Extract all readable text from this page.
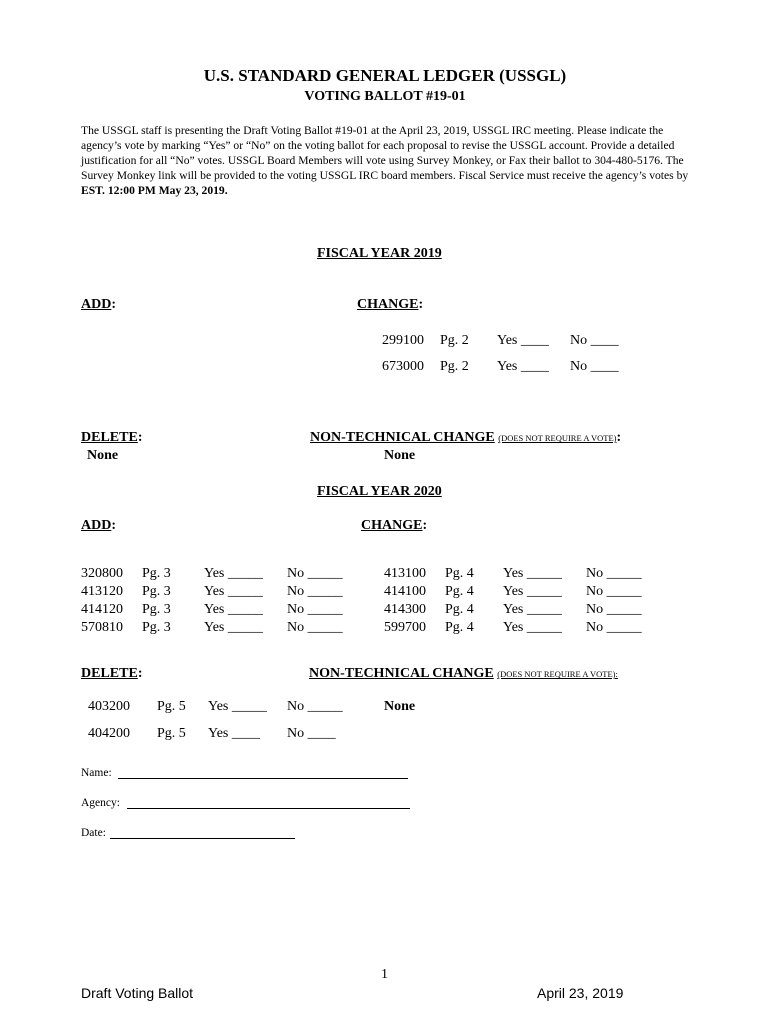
U.S. STANDARD GENERAL LEDGER (USSGL)
VOTING BALLOT #19-01
The USSGL staff is presenting the Draft Voting Ballot #19-01 at the April 23, 2019, USSGL IRC meeting. Please indicate the agency’s vote by marking “Yes” or “No” on the voting ballot for each proposal to revise the USSGL account. Provide a detailed justification for all “No” votes. USSGL Board Members will vote using Survey Monkey, or Fax their ballot to 304-480-5176. The Survey Monkey link will be provided to the voting USSGL IRC board members. Fiscal Service must receive the agency’s votes by EST. 12:00 PM May 23, 2019.
FISCAL YEAR 2019
ADD:	CHANGE:
299100 Pg. 2 Yes ____ No ____
673000 Pg. 2 Yes ____ No ____
DELETE:
None
NON-TECHNICAL CHANGE (DOES NOT REQUIRE A VOTE):
None
FISCAL YEAR 2020
ADD:	CHANGE:
320800 Pg. 3 Yes _____ No _____
413120 Pg. 3 Yes _____ No _____
414120 Pg. 3 Yes _____ No _____
570810 Pg. 3 Yes _____ No _____
413100 Pg. 4 Yes _____ No _____
414100 Pg. 4 Yes _____ No _____
414300 Pg. 4 Yes _____ No _____
599700 Pg. 4 Yes _____ No _____
DELETE:	NON-TECHNICAL CHANGE (DOES NOT REQUIRE A VOTE):
403200 Pg. 5 Yes _____ No _____
404200 Pg. 5 Yes ____ No ____
None
Name:
Agency:
Date:
1
Draft Voting Ballot	April 23, 2019
